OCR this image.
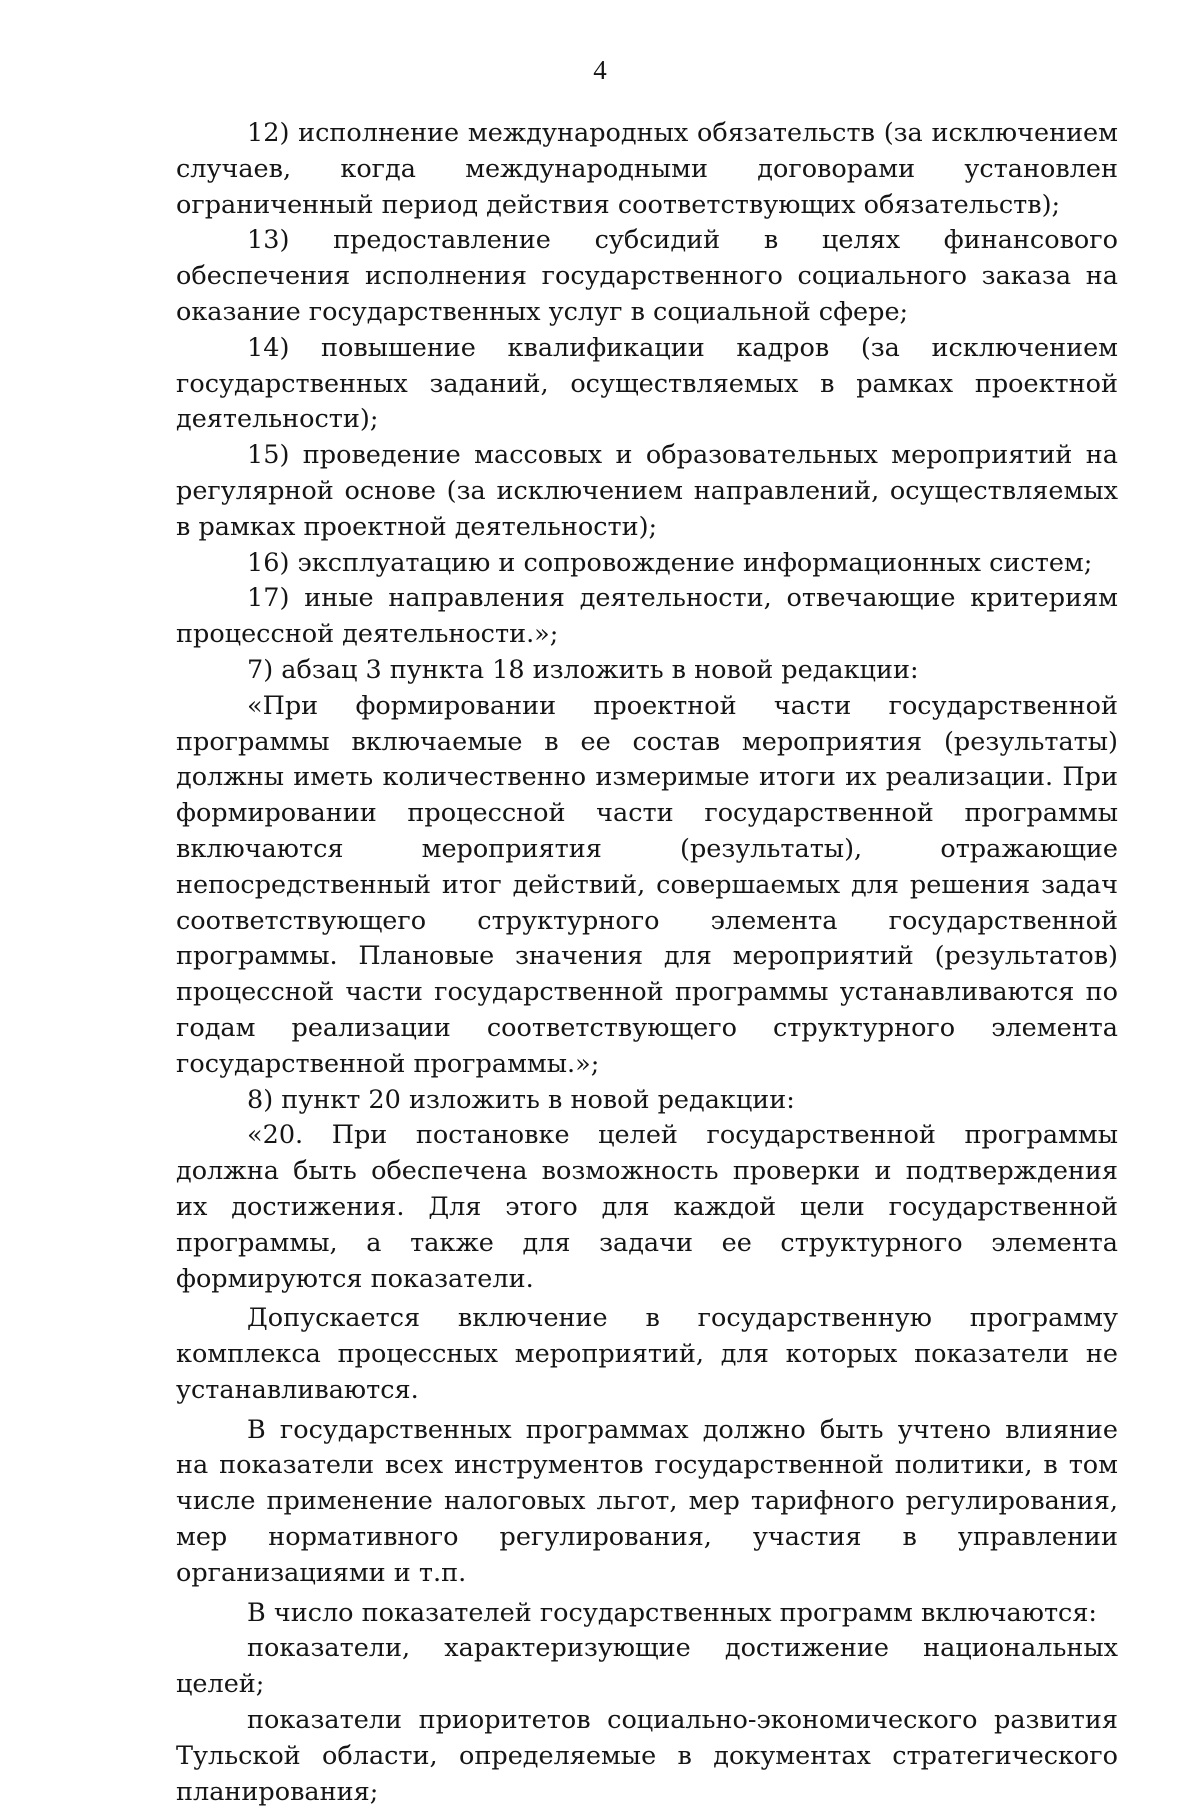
4

12) исполнение международных обязательств (за исключением случаев, когда международными договорами установлен ограниченный период действия соответствующих обязательств);

13) предоставление субсидий в целях финансового обеспечения исполнения государственного социального заказа на оказание государственных услуг в социальной сфере;

14) повышение квалификации кадров (за исключением государственных заданий, осуществляемых в рамках проектной деятельности);

15) проведение массовых и образовательных мероприятий на регулярной основе (за исключением направлений, осуществляемых в рамках проектной деятельности);

16) эксплуатацию и сопровождение информационных систем;

17) иные направления деятельности, отвечающие критериям процессной деятельности.»;

7) абзац 3 пункта 18 изложить в новой редакции:

«При формировании проектной части государственной программы включаемые в ее состав мероприятия (результаты) должны иметь количественно измеримые итоги их реализации. При формировании процессной части государственной программы включаются мероприятия (результаты), отражающие непосредственный итог действий, совершаемых для решения задач соответствующего структурного элемента государственной программы. Плановые значения для мероприятий (результатов) процессной части государственной программы устанавливаются по годам реализации соответствующего структурного элемента государственной программы.»;

8) пункт 20 изложить в новой редакции:

«20. При постановке целей государственной программы должна быть обеспечена возможность проверки и подтверждения их достижения. Для этого для каждой цели государственной программы, а также для задачи ее структурного элемента формируются показатели.

Допускается включение в государственную программу комплекса процессных мероприятий, для которых показатели не устанавливаются.

В государственных программах должно быть учтено влияние на показатели всех инструментов государственной политики, в том числе применение налоговых льгот, мер тарифного регулирования, мер нормативного регулирования, участия в управлении организациями и т.п.

В число показателей государственных программ включаются:

показатели, характеризующие достижение национальных целей;

показатели приоритетов социально-экономического развития Тульской области, определяемые в документах стратегического планирования;
